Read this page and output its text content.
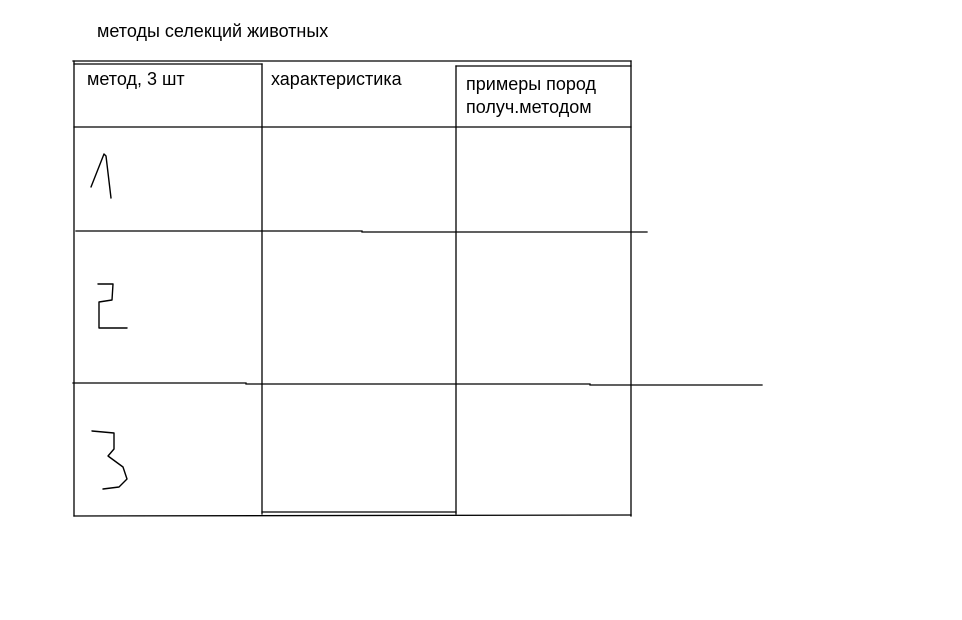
методы селекций животных
метод, 3 шт	характеристика	примеры пород
получ.методом
